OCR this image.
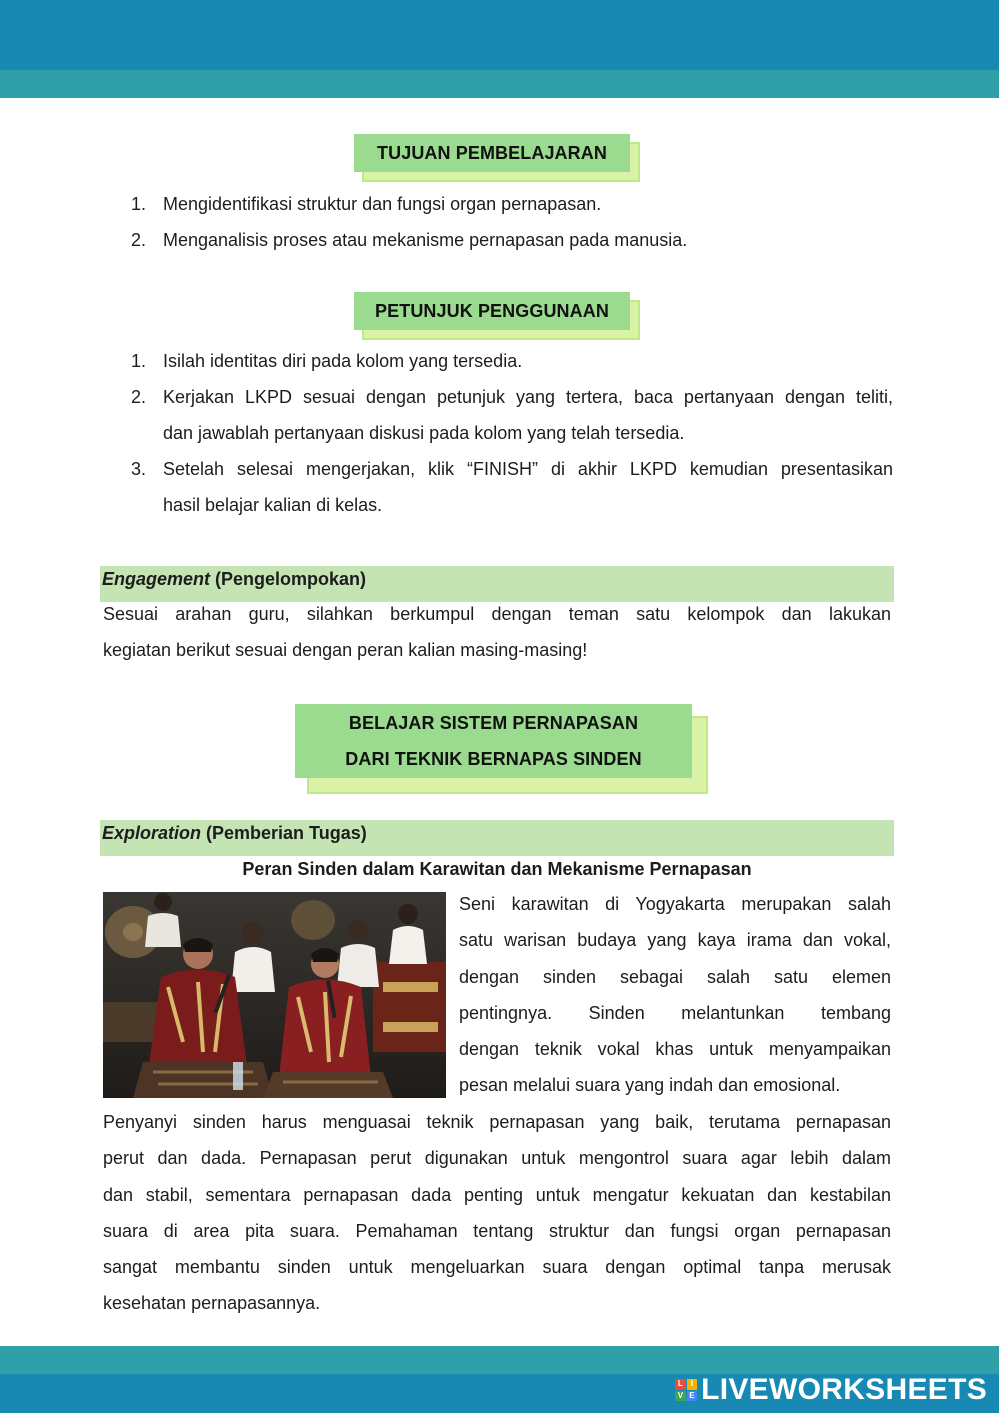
TUJUAN PEMBELAJARAN
1. Mengidentifikasi struktur dan fungsi organ pernapasan.
2. Menganalisis proses atau mekanisme pernapasan pada manusia.
PETUNJUK PENGGUNAAN
1. Isilah identitas diri pada kolom yang tersedia.
2. Kerjakan LKPD sesuai dengan petunjuk yang tertera, baca pertanyaan dengan teliti,
dan jawablah pertanyaan diskusi pada kolom yang telah tersedia.
3. Setelah selesai mengerjakan, klik “FINISH” di akhir LKPD kemudian presentasikan
hasil belajar kalian di kelas.
Engagement (Pengelompokan)
Sesuai arahan guru, silahkan berkumpul dengan teman satu kelompok dan lakukan
kegiatan berikut sesuai dengan peran kalian masing-masing!
BELAJAR SISTEM PERNAPASAN
DARI TEKNIK BERNAPAS SINDEN
Exploration (Pemberian Tugas)
Peran Sinden dalam Karawitan dan Mekanisme Pernapasan
Seni karawitan di Yogyakarta merupakan salah
satu warisan budaya yang kaya irama dan vokal,
dengan sinden sebagai salah satu elemen
pentingnya. Sinden melantunkan tembang
dengan teknik vokal khas untuk menyampaikan
pesan melalui suara yang indah dan emosional.
Penyanyi sinden harus menguasai teknik pernapasan yang baik, terutama pernapasan
perut dan dada. Pernapasan perut digunakan untuk mengontrol suara agar lebih dalam
dan stabil, sementara pernapasan dada penting untuk mengatur kekuatan dan kestabilan
suara di area pita suara. Pemahaman tentang struktur dan fungsi organ pernapasan
sangat membantu sinden untuk mengeluarkan suara dengan optimal tanpa merusak
kesehatan pernapasannya.
L I
V E LIVEWORKSHEETS
